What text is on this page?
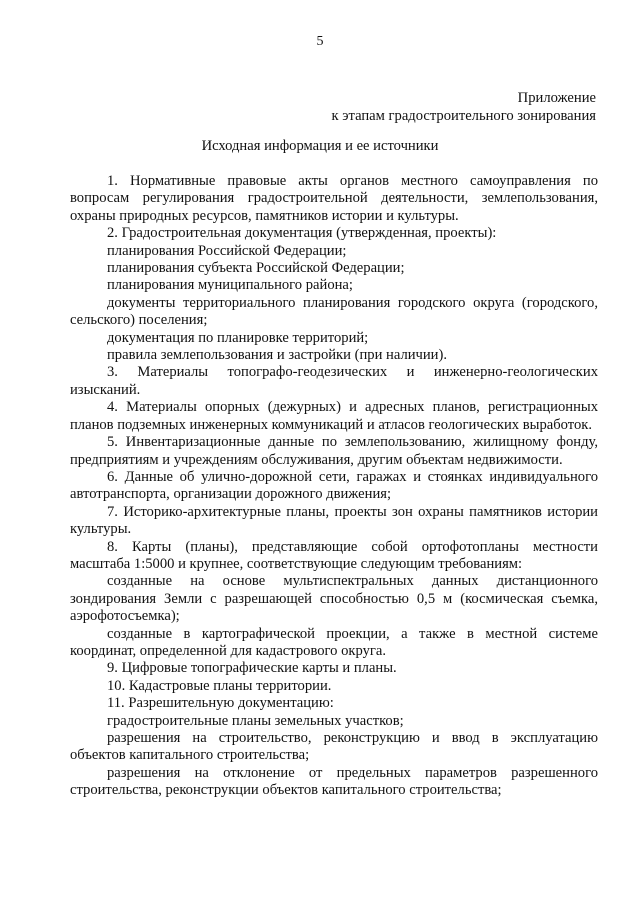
5
Приложение
к этапам градостроительного зонирования
Исходная информация и ее источники

1. Нормативные правовые акты органов местного самоуправления по вопросам регулирования градостроительной деятельности, землепользования, охраны природных ресурсов, памятников истории и культуры.

2. Градостроительная документация (утвержденная, проекты):

планирования Российской Федерации;

планирования субъекта Российской Федерации;

планирования муниципального района;

документы территориального планирования городского округа (городского, сельского) поселения;

документация по планировке территорий;

правила землепользования и застройки (при наличии).

3. Материалы топографо-геодезических и инженерно-геологических изысканий.

4. Материалы опорных (дежурных) и адресных планов, регистрационных планов подземных инженерных коммуникаций и атласов геологических выработок.

5. Инвентаризационные данные по землепользованию, жилищному фонду, предприятиям и учреждениям обслуживания, другим объектам недвижимости.

6. Данные об улично-дорожной сети, гаражах и стоянках индивидуального автотранспорта, организации дорожного движения;

7. Историко-архитектурные планы, проекты зон охраны памятников истории культуры.

8. Карты (планы), представляющие собой ортофотопланы местности масштаба 1:5000 и крупнее, соответствующие следующим требованиям:

созданные на основе мультиспектральных данных дистанционного зондирования Земли с разрешающей способностью 0,5 м (космическая съемка, аэрофотосъемка);

созданные в картографической проекции, а также в местной системе координат, определенной для кадастрового округа.

9. Цифровые топографические карты и планы.

10. Кадастровые планы территории.

11. Разрешительную документацию:

градостроительные планы земельных участков;

разрешения на строительство, реконструкцию и ввод в эксплуатацию объектов капитального строительства;

разрешения на отклонение от предельных параметров разрешенного строительства, реконструкции объектов капитального строительства;
